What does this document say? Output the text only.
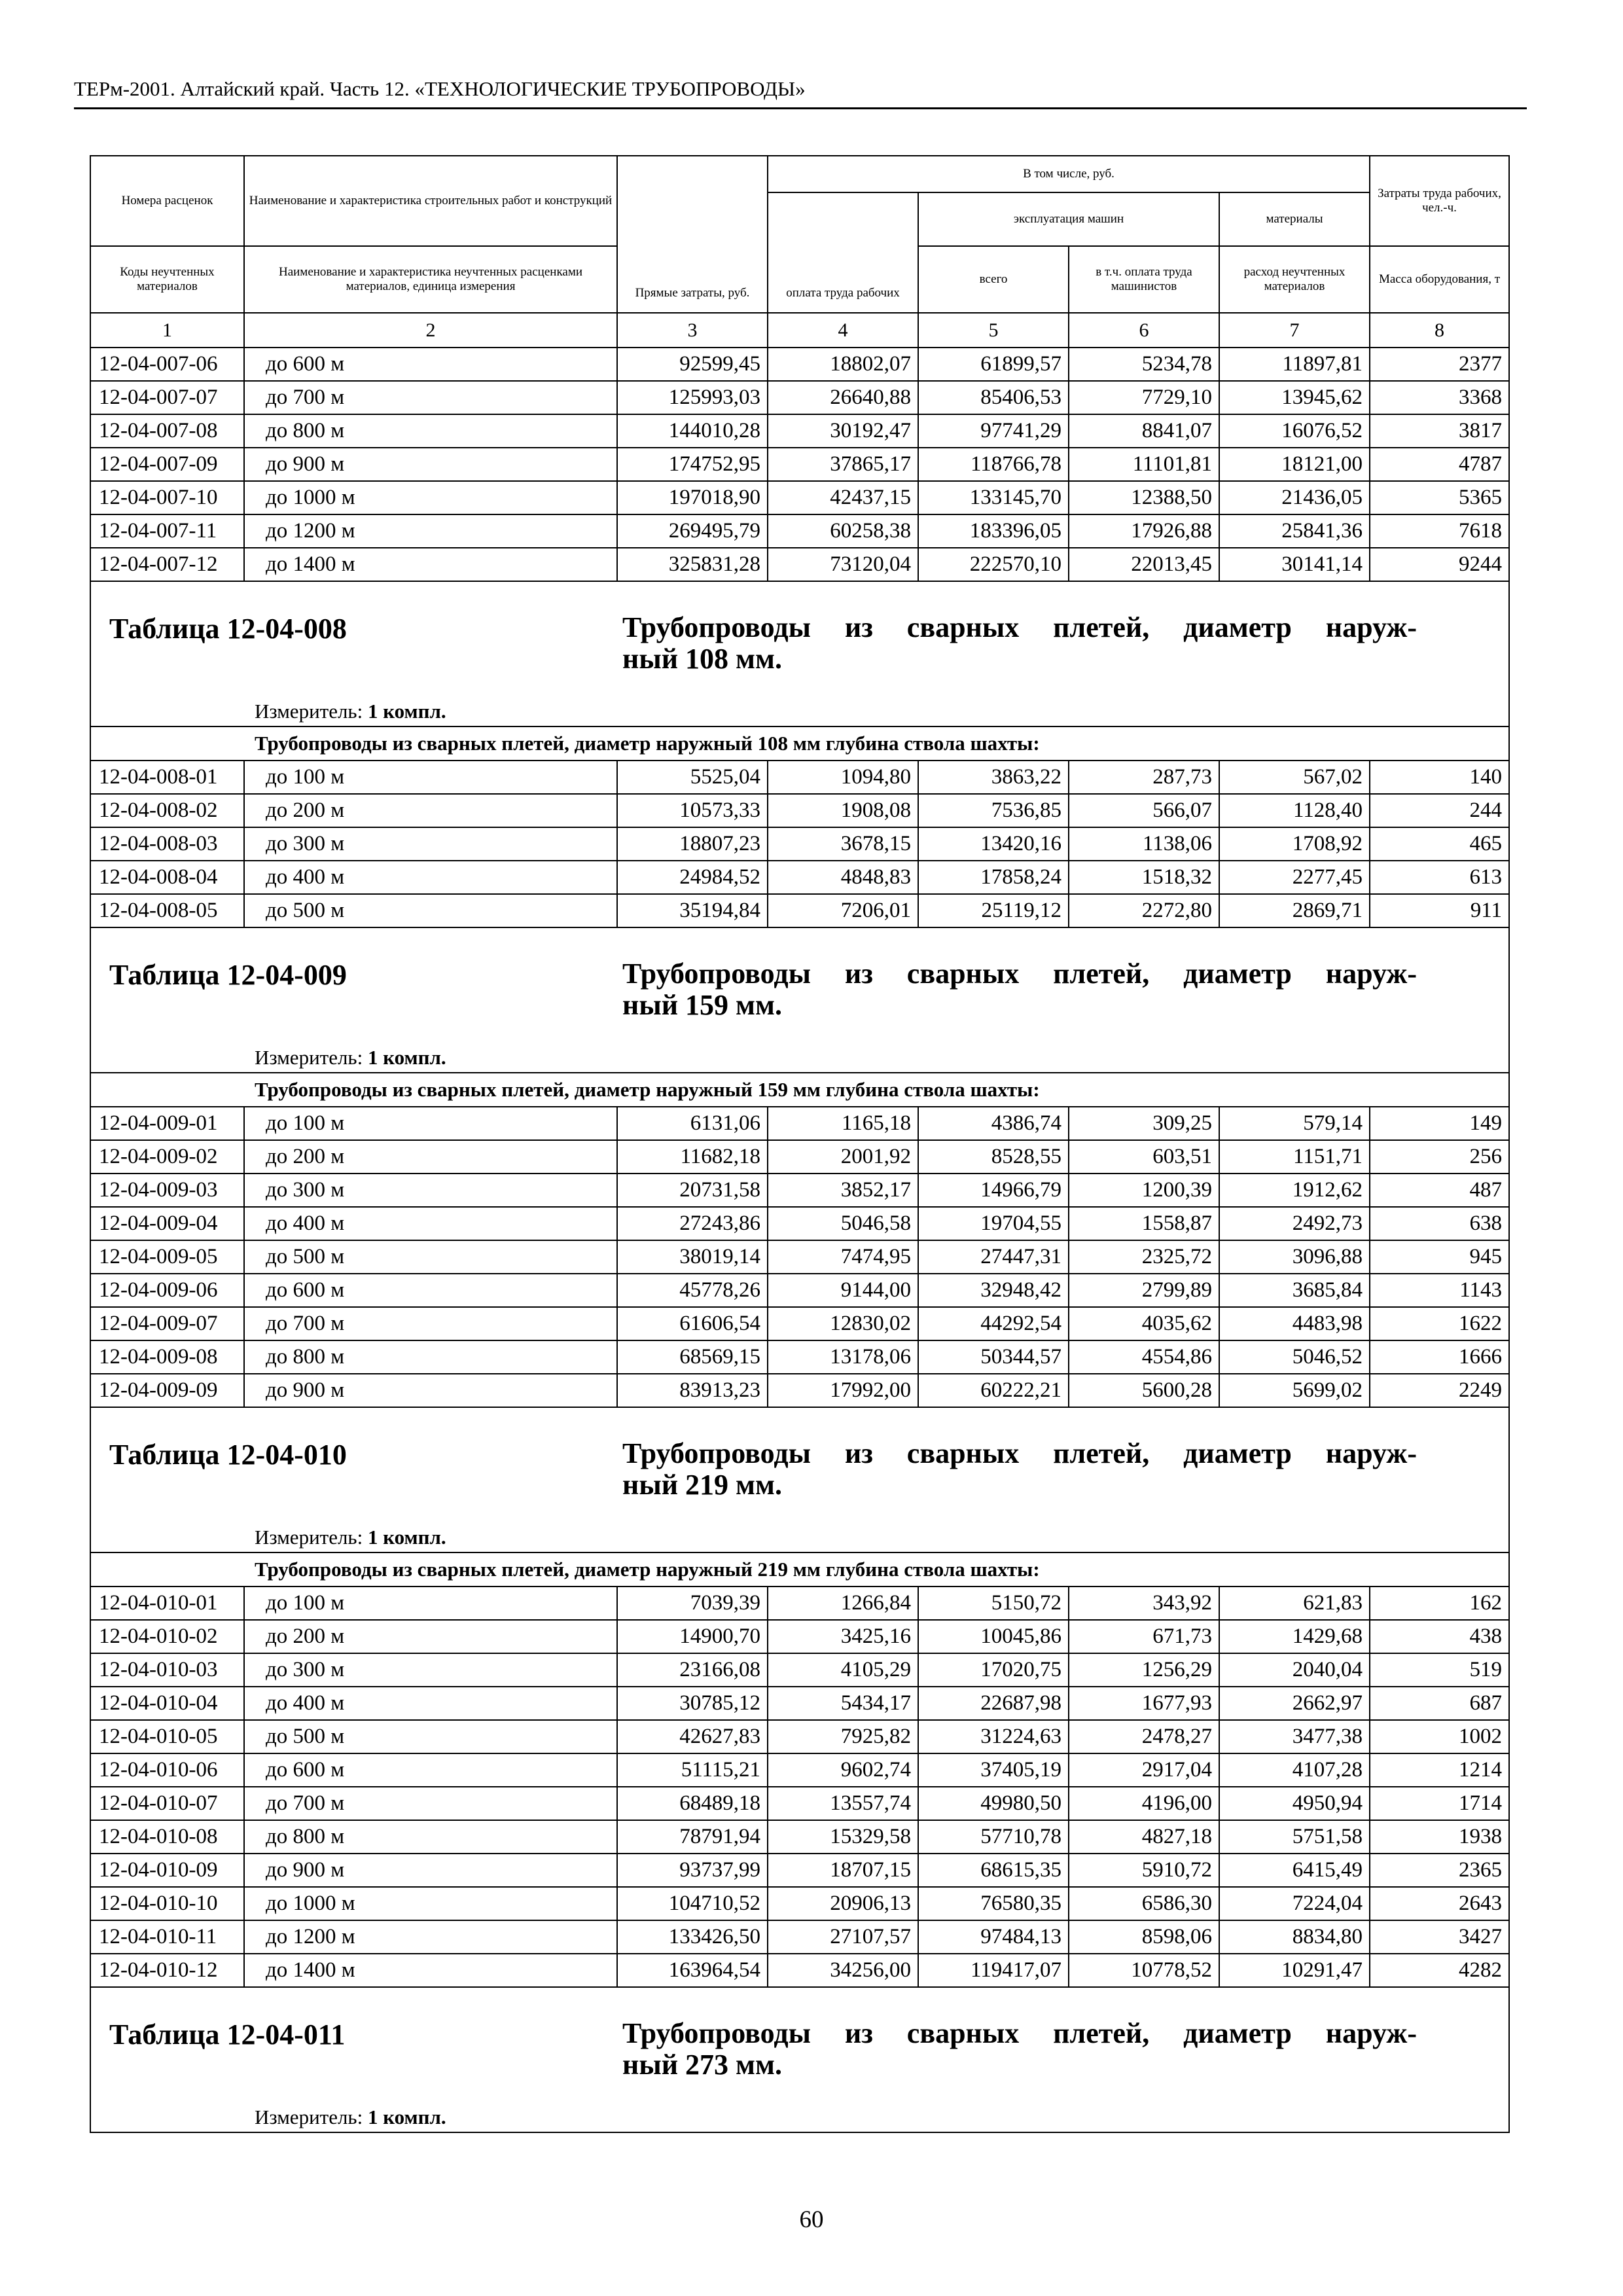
ТЕРм-2001. Алтайский край. Часть 12. «ТЕХНОЛОГИЧЕСКИЕ ТРУБОПРОВОДЫ»
Номера расценок	Наименование и характеристика строительных работ и конструкций	Прямые затраты, руб.	В том числе, руб.				Затраты труда рабочих, чел.-ч.
			оплата труда рабочих	эксплуатация машин		материалы	
Коды неучтенных материалов	Наименование и характеристика неучтенных расценками материалов, единица измерения			всего	в т.ч. оплата труда машинистов	расход неучтенных материалов	Масса оборудования, т
1	2	3	4	5	6	7	8
12-04-007-06	до 600 м	92599,45	18802,07	61899,57	5234,78	11897,81	2377
12-04-007-07	до 700 м	125993,03	26640,88	85406,53	7729,10	13945,62	3368
12-04-007-08	до 800 м	144010,28	30192,47	97741,29	8841,07	16076,52	3817
12-04-007-09	до 900 м	174752,95	37865,17	118766,78	11101,81	18121,00	4787
12-04-007-10	до 1000 м	197018,90	42437,15	133145,70	12388,50	21436,05	5365
12-04-007-11	до 1200 м	269495,79	60258,38	183396,05	17926,88	25841,36	7618
12-04-007-12	до 1400 м	325831,28	73120,04	222570,10	22013,45	30141,14	9244

Таблица 12-04-008 Трубопроводы из сварных плетей, диаметр наруж-
ный 108 мм.							

Измеритель: 1 компл.							
Трубопроводы из сварных плетей, диаметр наружный 108 мм глубина ствола шахты:							
12-04-008-01	до 100 м	5525,04	1094,80	3863,22	287,73	567,02	140
12-04-008-02	до 200 м	10573,33	1908,08	7536,85	566,07	1128,40	244
12-04-008-03	до 300 м	18807,23	3678,15	13420,16	1138,06	1708,92	465
12-04-008-04	до 400 м	24984,52	4848,83	17858,24	1518,32	2277,45	613
12-04-008-05	до 500 м	35194,84	7206,01	25119,12	2272,80	2869,71	911

Таблица 12-04-009 Трубопроводы из сварных плетей, диаметр наруж-
ный 159 мм.							

Измеритель: 1 компл.							
Трубопроводы из сварных плетей, диаметр наружный 159 мм глубина ствола шахты:							
12-04-009-01	до 100 м	6131,06	1165,18	4386,74	309,25	579,14	149
12-04-009-02	до 200 м	11682,18	2001,92	8528,55	603,51	1151,71	256
12-04-009-03	до 300 м	20731,58	3852,17	14966,79	1200,39	1912,62	487
12-04-009-04	до 400 м	27243,86	5046,58	19704,55	1558,87	2492,73	638
12-04-009-05	до 500 м	38019,14	7474,95	27447,31	2325,72	3096,88	945
12-04-009-06	до 600 м	45778,26	9144,00	32948,42	2799,89	3685,84	1143
12-04-009-07	до 700 м	61606,54	12830,02	44292,54	4035,62	4483,98	1622
12-04-009-08	до 800 м	68569,15	13178,06	50344,57	4554,86	5046,52	1666
12-04-009-09	до 900 м	83913,23	17992,00	60222,21	5600,28	5699,02	2249

Таблица 12-04-010 Трубопроводы из сварных плетей, диаметр наруж-
ный 219 мм.							

Измеритель: 1 компл.							
Трубопроводы из сварных плетей, диаметр наружный 219 мм глубина ствола шахты:							
12-04-010-01	до 100 м	7039,39	1266,84	5150,72	343,92	621,83	162
12-04-010-02	до 200 м	14900,70	3425,16	10045,86	671,73	1429,68	438
12-04-010-03	до 300 м	23166,08	4105,29	17020,75	1256,29	2040,04	519
12-04-010-04	до 400 м	30785,12	5434,17	22687,98	1677,93	2662,97	687
12-04-010-05	до 500 м	42627,83	7925,82	31224,63	2478,27	3477,38	1002
12-04-010-06	до 600 м	51115,21	9602,74	37405,19	2917,04	4107,28	1214
12-04-010-07	до 700 м	68489,18	13557,74	49980,50	4196,00	4950,94	1714
12-04-010-08	до 800 м	78791,94	15329,58	57710,78	4827,18	5751,58	1938
12-04-010-09	до 900 м	93737,99	18707,15	68615,35	5910,72	6415,49	2365
12-04-010-10	до 1000 м	104710,52	20906,13	76580,35	6586,30	7224,04	2643
12-04-010-11	до 1200 м	133426,50	27107,57	97484,13	8598,06	8834,80	3427
12-04-010-12	до 1400 м	163964,54	34256,00	119417,07	10778,52	10291,47	4282

Таблица 12-04-011 Трубопроводы из сварных плетей, диаметр наруж-
ный 273 мм.							

Измеритель: 1 компл.							
60
